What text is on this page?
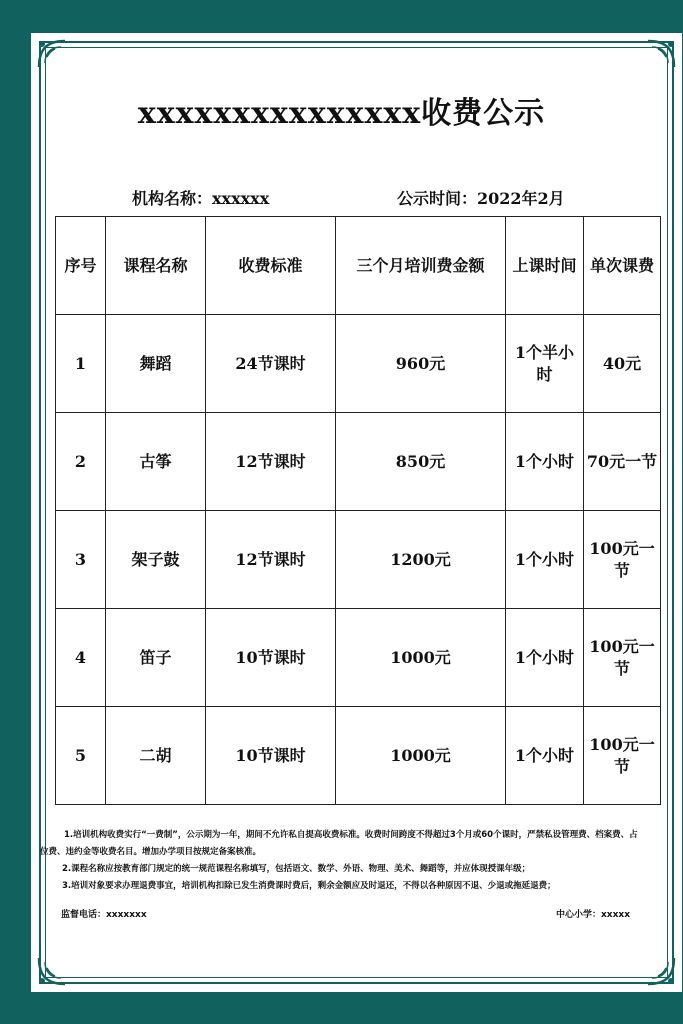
xxxxxxxxxxxxxxx收费公示
机构名称：xxxxxx	公示时间：2022年2月
序号	课程名称	收费标准	三个月培训费金额	上课时间	单次课费
1	舞蹈	24节课时	960元	1个半小时	40元
2	古筝	12节课时	850元	1个小时	70元一节
3	架子鼓	12节课时	1200元	1个小时	100元一节
4	笛子	10节课时	1000元	1个小时	100元一节
5	二胡	10节课时	1000元	1个小时	100元一节

1.培训机构收费实行“一费制”，公示期为一年，期间不允许私自提高收费标准。收费时间跨度不得超过3个月或60个课时，严禁私设管理费、档案费、占位费、违约金等收费名目。增加办学项目按规定备案核准。

2.课程名称应按教育部门规定的统一规范课程名称填写，包括语文、数学、外语、物理、美术、舞蹈等，并应体现授课年级；

3.培训对象要求办理退费事宜，培训机构扣除已发生消费课时费后，剩余金额应及时退还，不得以各种原因不退、少退或拖延退费；

监督电话：xxxxxxx	中心小学：xxxxx
